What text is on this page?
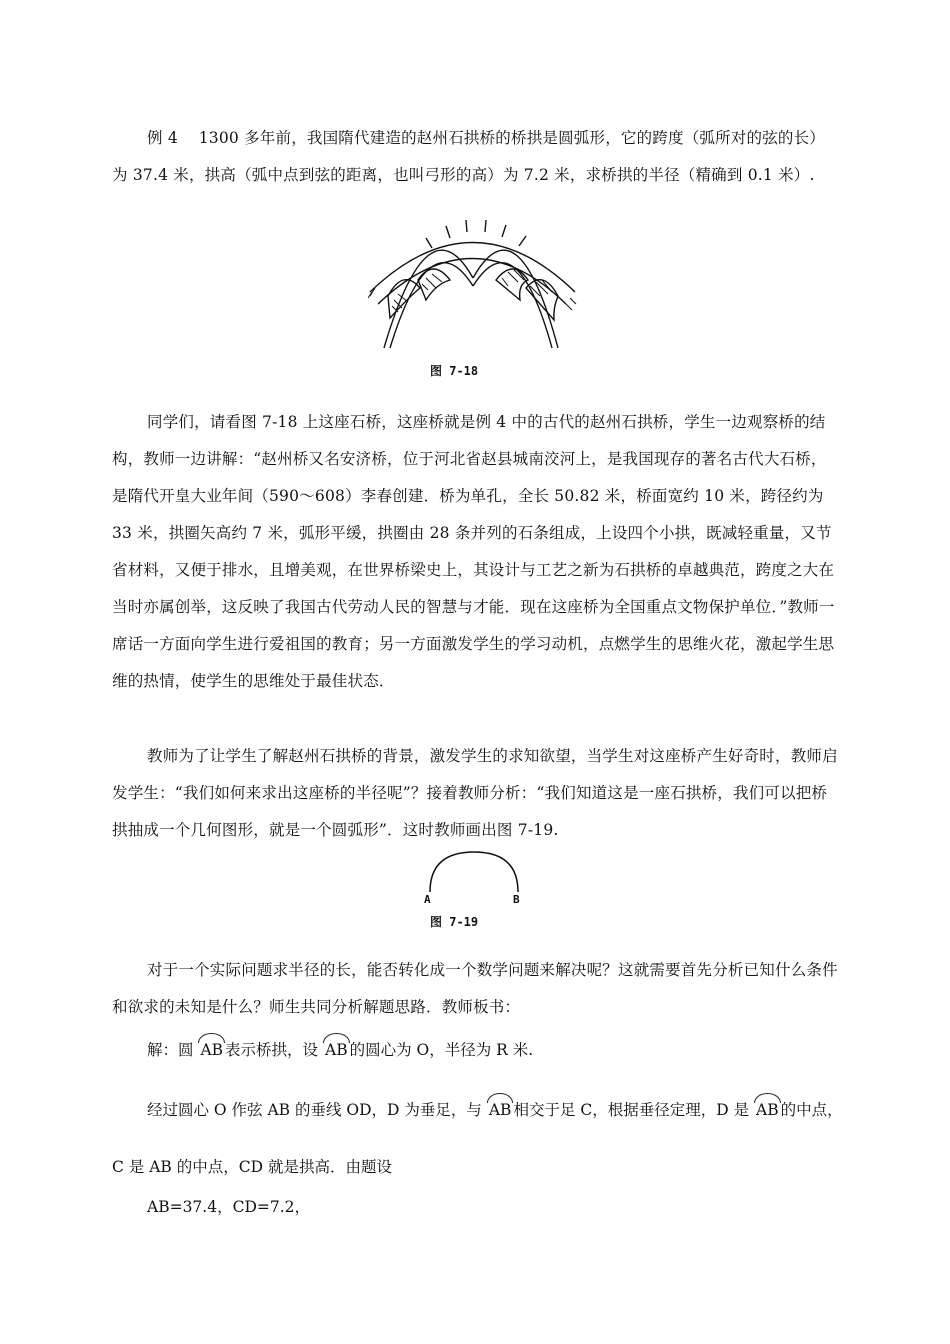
例 4　 1300 多年前，我国隋代建造的赵州石拱桥的桥拱是圆弧形，它的跨度（弧所对的弦的长）为 37.4 米，拱高（弧中点到弦的距离，也叫弓形的高）为 7.2 米，求桥拱的半径（精确到 0.1 米）.

图 7-18

同学们，请看图 7-18 上这座石桥，这座桥就是例 4 中的古代的赵州石拱桥，学生一边观察桥的结构，教师一边讲解：“赵州桥又名安济桥，位于河北省赵县城南洨河上，是我国现存的著名古代大石桥，是隋代开皇大业年间（590～608）李春创建．桥为单孔，全长 50.82 米，桥面宽约 10 米，跨径约为 33 米，拱圈矢高约 7 米，弧形平缓，拱圈由 28 条并列的石条组成，上设四个小拱，既减轻重量，又节省材料，又便于排水，且增美观，在世界桥梁史上，其设计与工艺之新为石拱桥的卓越典范，跨度之大在当时亦属创举，这反映了我国古代劳动人民的智慧与才能．现在这座桥为全国重点文物保护单位．”教师一席话一方面向学生进行爱祖国的教育；另一方面激发学生的学习动机，点燃学生的思维火花，激起学生思维的热情，使学生的思维处于最佳状态．

教师为了让学生了解赵州石拱桥的背景，激发学生的求知欲望，当学生对这座桥产生好奇时，教师启发学生：“我们如何来求出这座桥的半径呢”？接着教师分析：“我们知道这是一座石拱桥，我们可以把桥拱抽成一个几何图形，就是一个圆弧形”．这时教师画出图 7-19.

A	B
图 7-19

对于一个实际问题求半径的长，能否转化成一个数学问题来解决呢？这就需要首先分析已知什么条件和欲求的未知是什么？师生共同分析解题思路．教师板书：

解：圆 AB 表示桥拱，设 AB 的圆心为 O，半径为 R 米.
经过圆心 O 作弦 AB 的垂线 OD，D 为垂足，与 AB 相交于足 C，根据垂径定理，D 是 AB 的中点，
C 是 AB 的中点，CD 就是拱高．由题设
AB=37.4，CD=7.2，
